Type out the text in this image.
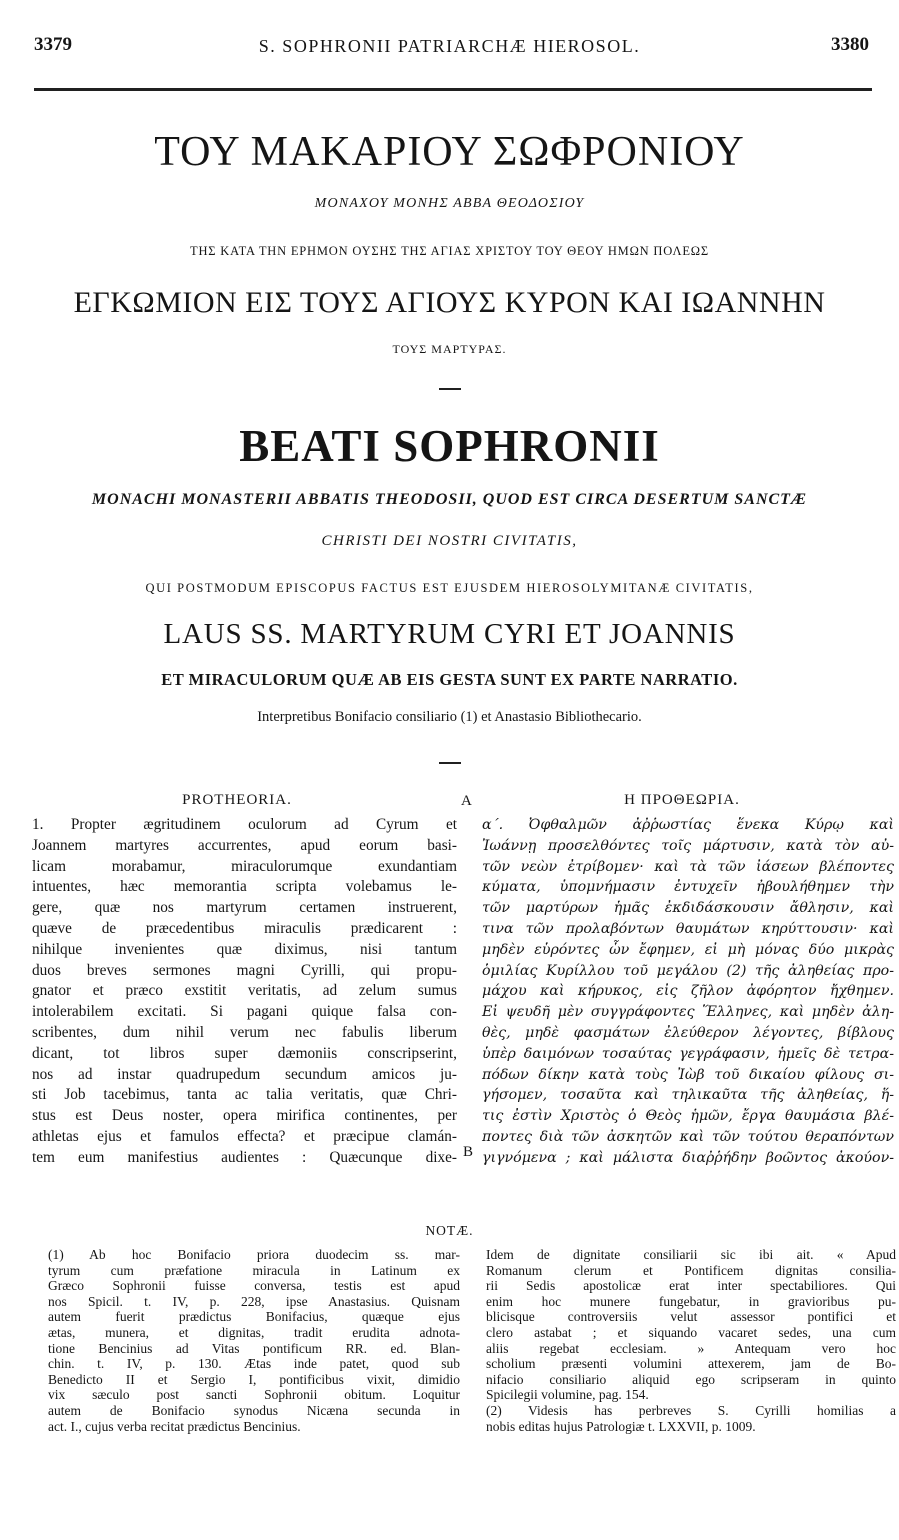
3379	S. SOPHRONII PATRIARCHÆ HIEROSOL.	3380
ΤΟΥ ΜΑΚΑΡΙΟΥ ΣΩΦΡΟΝΙΟΥ
ΜΟΝΑΧΟΥ ΜΟΝΗΣ ΑΒΒΑ ΘΕΟΔΟΣΙΟΥ
ΤΗΣ ΚΑΤΑ ΤΗΝ ΕΡΗΜΟΝ ΟΥΣΗΣ ΤΗΣ ΑΓΙΑΣ ΧΡΙΣΤΟΥ ΤΟΥ ΘΕΟΥ ΗΜΩΝ ΠΟΛΕΩΣ
ΕΓΚΩΜΙΟΝ ΕΙΣ ΤΟΥΣ ΑΓΙΟΥΣ ΚΥΡΟΝ ΚΑΙ ΙΩΑΝΝΗΝ
ΤΟΥΣ ΜΑΡΤΥΡΑΣ.
BEATI SOPHRONII
MONACHI MONASTERII ABBATIS THEODOSII, QUOD EST CIRCA DESERTUM SANCTÆ
CHRISTI DEI NOSTRI CIVITATIS,
QUI POSTMODUM EPISCOPUS FACTUS EST EJUSDEM HIEROSOLYMITANÆ CIVITATIS,
LAUS SS. MARTYRUM CYRI ET JOANNIS
ET MIRACULORUM QUÆ AB EIS GESTA SUNT EX PARTE NARRATIO.
Interpretibus Bonifacio consiliario (1) et Anastasio Bibliothecario.
PROTHEORIA.	A	Η ΠΡΟΘΕΩΡΙΑ.
1. Propter ægritudinem oculorum ad Cyrum et
Joannem martyres accurrentes, apud eorum basi-
licam morabamur, miraculorumque exundantiam
intuentes, hæc memorantia scripta volebamus le-
gere, quæ nos martyrum certamen instruerent,
quæve de præcedentibus miraculis prædicarent :
nihilque invenientes quæ diximus, nisi tantum
duos breves sermones magni Cyrilli, qui propu-
gnator et præco exstitit veritatis, ad zelum sumus
intolerabilem excitati. Si pagani quique falsa con-
scribentes, dum nihil verum nec fabulis liberum
dicant, tot libros super dæmoniis conscripserint,
nos ad instar quadrupedum secundum amicos ju-
sti Job tacebimus, tanta ac talia veritatis, quæ Chri-
stus est Deus noster, opera mirifica continentes, per
athletas ejus et famulos effecta? et præcipue clamán-
tem eum manifestius audientes : Quæcunque dixe- B
α΄. Ὀφθαλμῶν ἀῤῥωστίας ἕνεκα Κύρῳ καὶ
Ἰωάννῃ προσελθόντες τοῖς μάρτυσιν, κατὰ τὸν αὐ-
τῶν νεὼν ἐτρίβομεν· καὶ τὰ τῶν ἰάσεων βλέποντες
κύματα, ὑπομνήμασιν ἐντυχεῖν ἠβουλήθημεν τὴν
τῶν μαρτύρων ἡμᾶς ἐκδιδάσκουσιν ἄθλησιν, καὶ
τινα τῶν προλαβόντων θαυμάτων κηρύττουσιν· καὶ
μηδὲν εὑρόντες ὧν ἔφημεν, εἰ μὴ μόνας δύο μικρὰς
ὁμιλίας Κυρίλλου τοῦ μεγάλου (2) τῆς ἀληθείας προ-
μάχου καὶ κήρυκος, εἰς ζῆλον ἀφόρητον ἤχθημεν.
Εἰ ψευδῆ μὲν συγγράφοντες Ἕλληνες, καὶ μηδὲν ἀλη-
θὲς, μηδὲ φασμάτων ἐλεύθερον λέγοντες, βίβλους
ὑπὲρ δαιμόνων τοσαύτας γεγράφασιν, ἡμεῖς δὲ τετρα-
πόδων δίκην κατὰ τοὺς Ἰὼβ τοῦ δικαίου φίλους σι-
γήσομεν, τοσαῦτα καὶ τηλικαῦτα τῆς ἀληθείας, ἥ-
τις ἐστὶν Χριστὸς ὁ Θεὸς ἡμῶν, ἔργα θαυμάσια βλέ-
ποντες διὰ τῶν ἀσκητῶν καὶ τῶν τούτου θεραπόντων
γιγνόμενα ; καὶ μάλιστα διαῤῥήδην βοῶντος ἀκούον-
NOTÆ.
(1) Ab hoc Bonifacio priora duodecim ss. mar-
tyrum cum præfatione miracula in Latinum ex
Græco Sophronii fuisse conversa, testis est apud
nos Spicil. t. IV, p. 228, ipse Anastasius. Quisnam
autem fuerit prædictus Bonifacius, quæque ejus
ætas, munera, et dignitas, tradit erudita adnota-
tione Bencinius ad Vitas pontificum RR. ed. Blan-
chin. t. IV, p. 130. Ætas inde patet, quod sub
Benedicto II et Sergio I, pontificibus vixit, dimidio
vix sæculo post sancti Sophronii obitum. Loquitur
autem de Bonifacio synodus Nicæna secunda in
act. I., cujus verba recitat prædictus Bencinius.
Idem de dignitate consiliarii sic ibi ait. « Apud
Romanum clerum et Pontificem dignitas consilia-
rii Sedis apostolicæ erat inter spectabiliores. Qui
enim hoc munere fungebatur, in gravioribus pu-
blicisque controversiis velut assessor pontifici et
clero astabat ; et siquando vacaret sedes, una cum
aliis regebat ecclesiam. » Antequam vero hoc
scholium præsenti volumini attexerem, jam de Bo-
nifacio consiliario aliquid ego scripseram in quinto
Spicilegii volumine, pag. 154.
(2) Videsis has perbreves S. Cyrilli homilias a
nobis editas hujus Patrologiæ t. LXXVII, p. 1009.
